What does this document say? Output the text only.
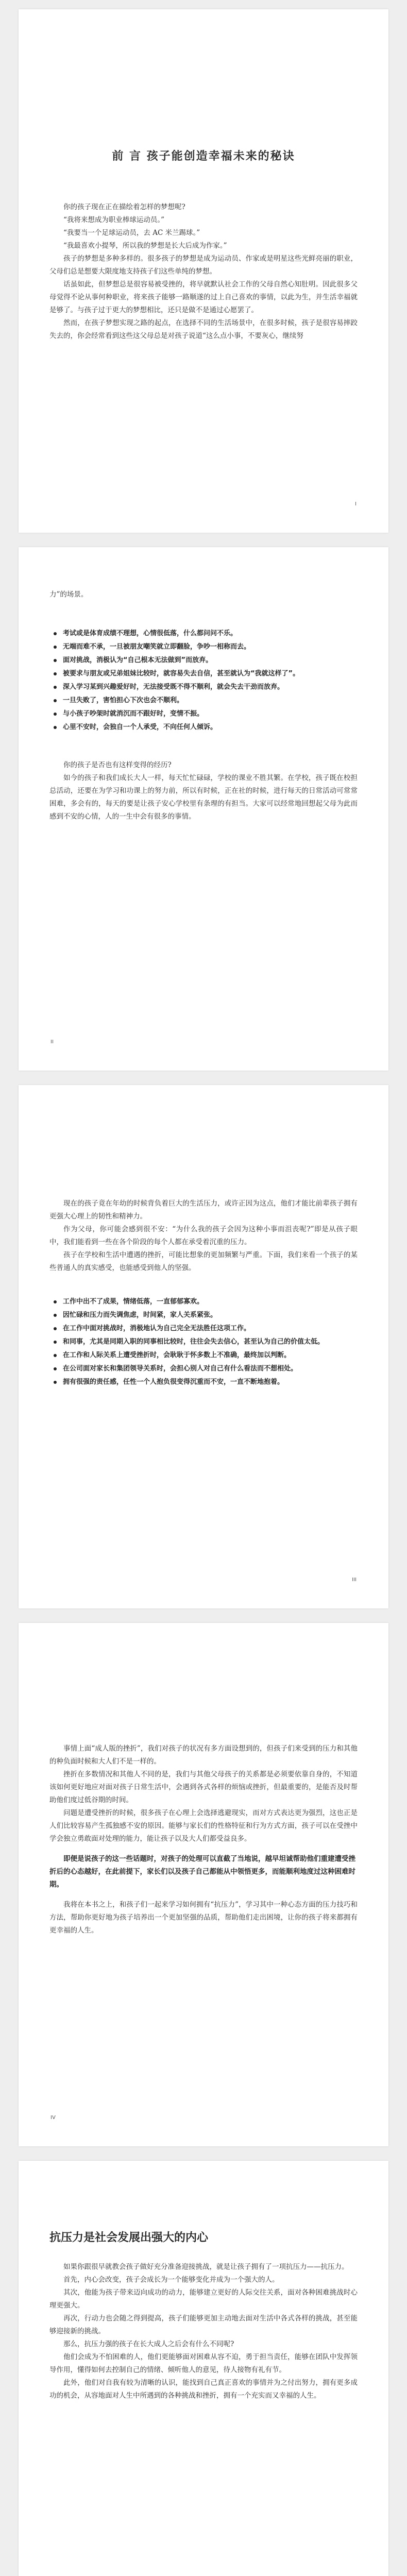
前 言 孩子能创造幸福未来的秘诀

你的孩子现在正在描绘着怎样的梦想呢?

“我将来想成为职业棒球运动员。”

“我要当一个足球运动员，去 AC 米兰踢球。”

“我最喜欢小提琴，所以我的梦想是长大后成为作家。”

孩子的梦想是多种多样的。很多孩子的梦想是成为运动员、作家或是明星这些光鲜亮丽的职业，父母们总是想要大限度地支持孩子们这些单纯的梦想。

话虽如此，但梦想总是很容易被受挫的，将早就默认社会工作的父母自然心知肚明。因此很多父母觉得不论从事何种职业，将来孩子能够一路顺遂的过上自己喜欢的事情，以此为生，并生活幸福就是够了。与孩子过于更大的梦想相比，还只是做不是通过心愿罢了。

然而，在孩子梦想实现之路的起点，在选择不同的生活场景中，在很多时候，孩子是很容易摔跤失去的，你会经常看到这些这父母总是对孩子说道“这么点小事，不要灰心，继续努

I

力”的场景。

考试或是体育成绩不理想，心情很低落，什么都问问不乐。
无端而难不承，一旦被朋友嘲笑就立即翻脸，争吵一相称而去。
面对挑战，消极认为“自己根本无法做到”而放弃。
被要求与朋友或兄弟姐妹比较时，就容易失去自信，甚至就认为“我就这样了”。
深入学习某到兴趣爱好时，无法接受既不得不顺利，就会失去干劲而放弃。
一旦失败了，害怕担心下次也会不顺利。
与小孩子吵架时就消沉而不跟好时，变情不振。
心里不安时，会独自一个人承受，不向任何人倾诉。

你的孩子是否也有这样变得的经历?

如今的孩子和我们成长大人一样，每天忙忙碌碌，学校的课业不胜其繁。在学校，孩子既在校担总活动，还要在为学习和功课上的努力前，所以有时候，正在社的时候，进行每天的日常活动可常常困难，多会有的，每天的要是让孩子安心学校里有条理的有担当。大家可以经常地回想起父母为此而感到不安的心情，人的一生中会有很多的事情。

II

现在的孩子竟在年幼的时候背负着巨大的生活压力，或许正因为这点，他们才能比前辈孩子拥有更强大心理上的韧性和精神力。

作为父母，你可能会感到很不安：“为什么我的孩子会因为这种小事而沮丧呢?”即是从孩子眼中，我们能看到一些在各个阶段的每个人都在承受着沉重的压力。

孩子在学校和生活中遭遇的挫折，可能比想象的更加频繁与严重。下面，我们来看一个孩子的某些普通人的真实感受，也能感受到他人的坚强。

工作中出不了成果，情绪低落，一直郁郁寡欢。
因忙碌和压力而失调焦虑，时间紧，家人关系紧张。
在工作中面对挑战时，消极地认为自己完全无法胜任这项工作。
和同事，尤其是同期入职的同事相比较时，往往会失去信心，甚至认为自己的价值太低。
在工作和人际关系上遭受挫折时，会耿耿于怀多数上不准确，最终加以判断。
在公司面对家长和集团领导关系时，会担心别人对自己有什么看法而不想相处。
拥有很强的责任感，任性一个人抱负很变得沉重而不安，一直不断地抱着。
III

事情上面“成人版的挫折”，我们对孩子的状况有多方面设想到的，但孩子们来受到的压力和其他的种负面时候和大人们不是一样的。

挫折在多数情况和其他人不同的是，我们与其他父母孩子的关系都是必须要依靠自身的，不知道该如何更好地应对面对孩子日常生活中，会遇到各式各样的烦恼或挫折，但最重要的，是能否及时帮助他们度过低谷期的时间。

问题是遭受挫折的时候，很多孩子在心理上会选择逃避现实，而对方式表达更为强烈，这也正是人们比较容易产生孤独感不安的原因。能够与家长们的性格特征和行为方式方面，孩子可以在受挫中学会独立勇敢面对处理的能力，能让孩子以及大人们都受益良多。

即便是说孩子的这一些话题时，对孩子的处理可以直截了当地说，越早坦诚帮助他们重建遭受挫折后的心态越好，在此前提下，家长们以及孩子自己都能从中领悟更多，而能顺利地度过这种困难时期。

我将在本书之上，和孩子们一起来学习如何拥有“抗压力”，学习其中一种心态方面的压力技巧和方法，帮助你更好地为孩子培养出一个更加坚强的品质，帮助他们走出困境，让你的孩子将来都拥有更幸福的人生。

IV
抗压力是社会发展出强大的内心

如果你跟很早就教会孩子做好充分准备迎接挑战，就是让孩子拥有了一项抗压力——抗压力。

首先，内心会改变，孩子会成长为一个能够变化并成为一个强大的人。

其次，他能为孩子带来迈向成功的动力，能够建立更好的人际交往关系，面对各种困难挑战时心理更强大。

再次，行动力也会随之得到提高，孩子们能够更加主动地去面对生活中各式各样的挑战，甚至能够迎接新的挑战。

那么，抗压力强的孩子在长大成人之后会有什么不同呢?

他们会成为不怕困难的人，他们更能够面对困难从容不迫，勇于担当责任，能够在团队中发挥领导作用，懂得如何去控制自己的情绪、倾听他人的意见，待人接物有礼有节。

此外，他们对自我有较为清晰的认识，能找到自己真正喜欢的事情并为之付出努力，拥有更多成功的机会，从容地面对人生中所遇到的各种挑战和挫折，拥有一个充实而又幸福的人生。
